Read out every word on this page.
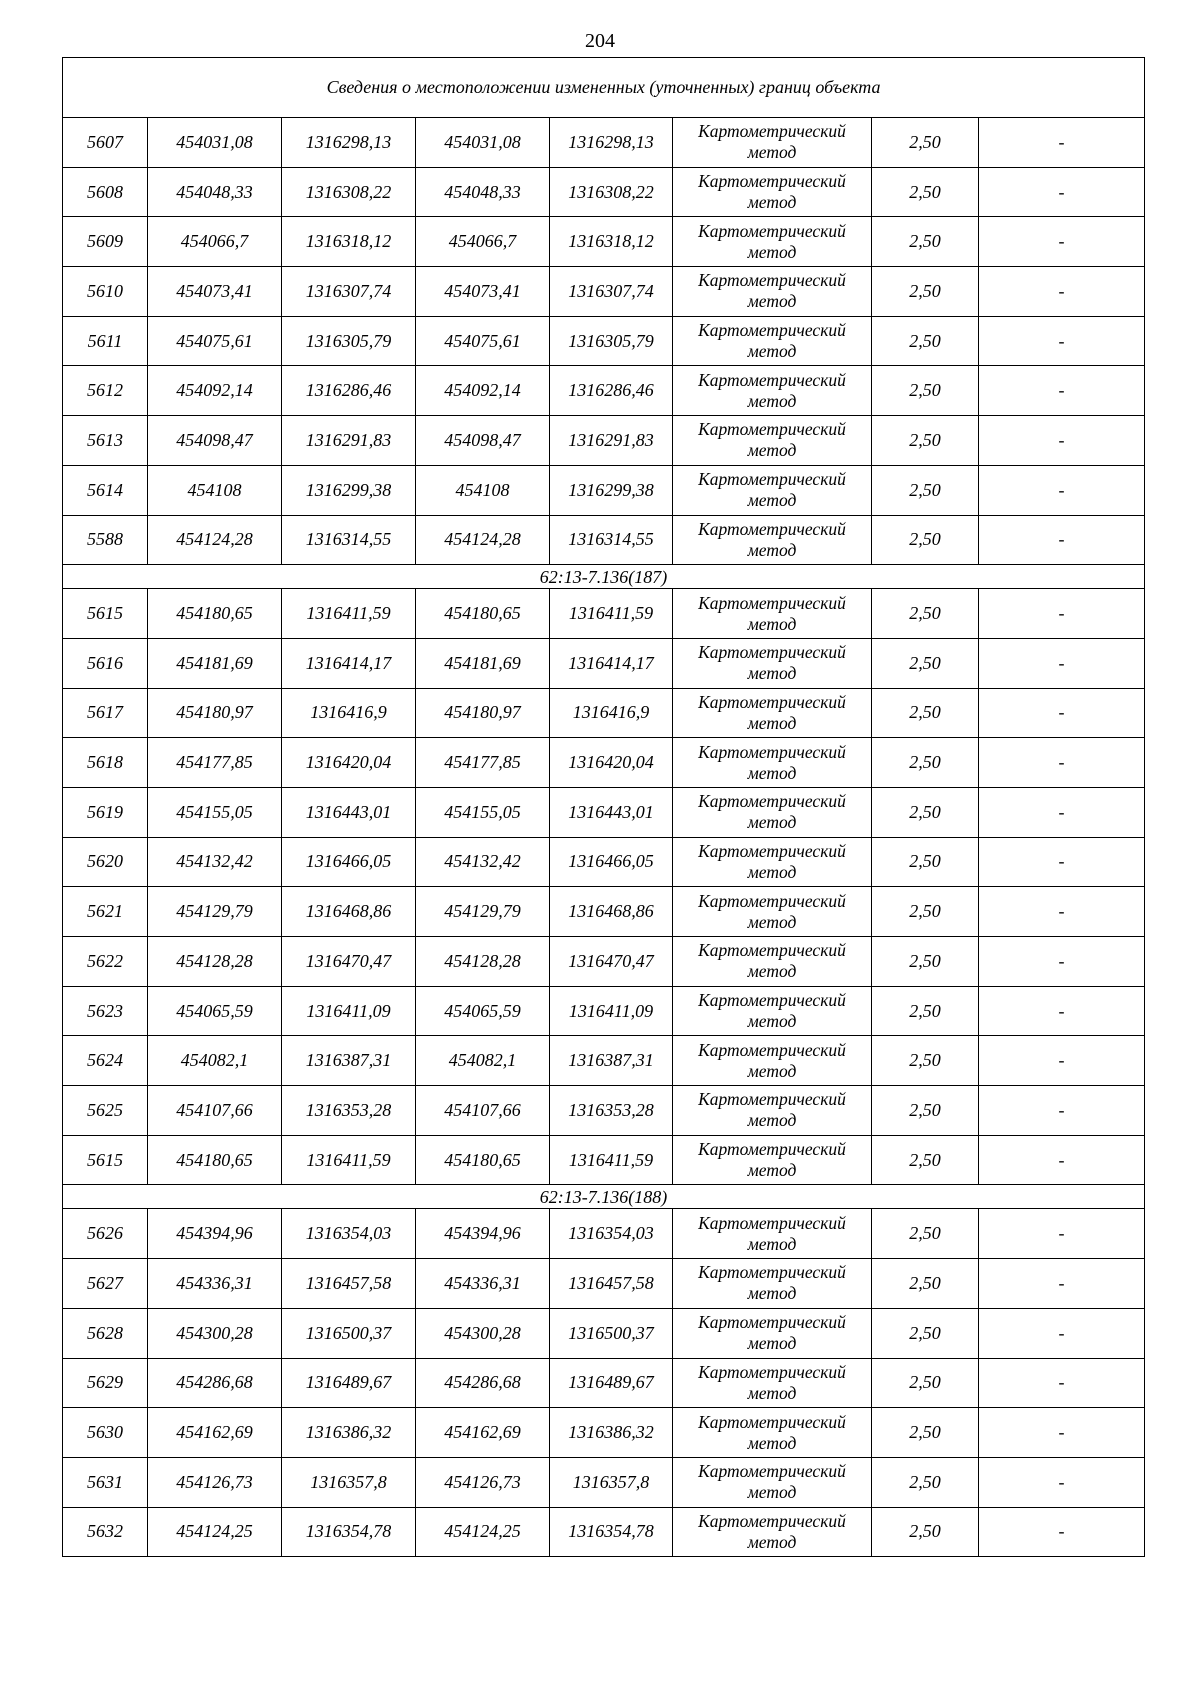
204
Сведения о местоположении измененных (уточненных) границ объекта							
5607	454031,08	1316298,13	454031,08	1316298,13	Картометрический метод	2,50	-
5608	454048,33	1316308,22	454048,33	1316308,22	Картометрический метод	2,50	-
5609	454066,7	1316318,12	454066,7	1316318,12	Картометрический метод	2,50	-
5610	454073,41	1316307,74	454073,41	1316307,74	Картометрический метод	2,50	-
5611	454075,61	1316305,79	454075,61	1316305,79	Картометрический метод	2,50	-
5612	454092,14	1316286,46	454092,14	1316286,46	Картометрический метод	2,50	-
5613	454098,47	1316291,83	454098,47	1316291,83	Картометрический метод	2,50	-
5614	454108	1316299,38	454108	1316299,38	Картометрический метод	2,50	-
5588	454124,28	1316314,55	454124,28	1316314,55	Картометрический метод	2,50	-
62:13-7.136(187)							
5615	454180,65	1316411,59	454180,65	1316411,59	Картометрический метод	2,50	-
5616	454181,69	1316414,17	454181,69	1316414,17	Картометрический метод	2,50	-
5617	454180,97	1316416,9	454180,97	1316416,9	Картометрический метод	2,50	-
5618	454177,85	1316420,04	454177,85	1316420,04	Картометрический метод	2,50	-
5619	454155,05	1316443,01	454155,05	1316443,01	Картометрический метод	2,50	-
5620	454132,42	1316466,05	454132,42	1316466,05	Картометрический метод	2,50	-
5621	454129,79	1316468,86	454129,79	1316468,86	Картометрический метод	2,50	-
5622	454128,28	1316470,47	454128,28	1316470,47	Картометрический метод	2,50	-
5623	454065,59	1316411,09	454065,59	1316411,09	Картометрический метод	2,50	-
5624	454082,1	1316387,31	454082,1	1316387,31	Картометрический метод	2,50	-
5625	454107,66	1316353,28	454107,66	1316353,28	Картометрический метод	2,50	-
5615	454180,65	1316411,59	454180,65	1316411,59	Картометрический метод	2,50	-
62:13-7.136(188)							
5626	454394,96	1316354,03	454394,96	1316354,03	Картометрический метод	2,50	-
5627	454336,31	1316457,58	454336,31	1316457,58	Картометрический метод	2,50	-
5628	454300,28	1316500,37	454300,28	1316500,37	Картометрический метод	2,50	-
5629	454286,68	1316489,67	454286,68	1316489,67	Картометрический метод	2,50	-
5630	454162,69	1316386,32	454162,69	1316386,32	Картометрический метод	2,50	-
5631	454126,73	1316357,8	454126,73	1316357,8	Картометрический метод	2,50	-
5632	454124,25	1316354,78	454124,25	1316354,78	Картометрический метод	2,50	-
